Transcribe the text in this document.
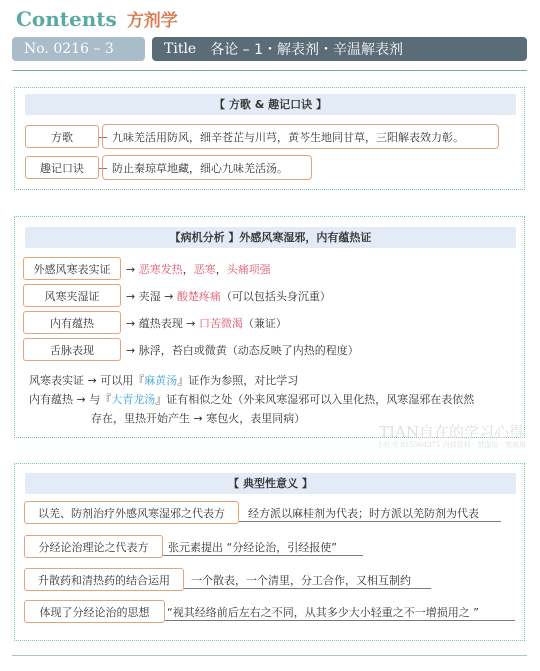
Contents 方剂学
No. 0216 – 3	Title 各论 – 1・解表剂・辛温解表剂
【 方歌 & 趣记口诀 】
方歌	九味羌活用防风，细辛苍芷与川芎，黄芩生地同甘草，三阳解表效力彰。
趣记口诀	防止秦琼草地藏，细心九味羌活汤。
【病机分析 】外感风寒湿邪，内有蕴热证
外感风寒表实证	→ 恶寒发热，恶寒，头痛项强
风寒夹湿证	→ 夹湿 → 酸楚疼痛（可以包括头身沉重）
内有蕴热	→ 蕴热表现 → 口苦微渴（兼证）
舌脉表现	→ 脉浮，苔白或微黄（动态反映了内热的程度）
风寒表实证 → 可以用『麻黄汤』证作为参照，对比学习
内有蕴热 → 与『大青龙汤』证有相似之处（外来风寒湿邪可以入里化热，风寒湿邪在表依然
存在，里热开始产生 → 寒包火，表里同病）
TIAN自在的学习心得
小红书 815564375 内部资料 · 禁盗用 · 禁商用
【 典型性意义 】
以羌、防剂治疗外感风寒湿邪之代表方	经方派以麻桂剂为代表；时方派以羌防剂为代表
分经论治理论之代表方	张元素提出 “分经论治，引经报使”
升散药和清热药的结合运用	一个散表，一个清里，分工合作，又相互制约
体现了分经论治的思想	“视其经络前后左右之不同，从其多少大小轻重之不一增损用之 ”
